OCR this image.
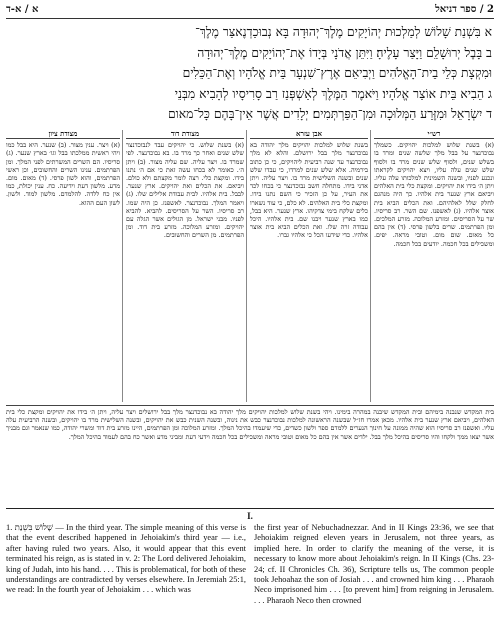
א / א-ד	2 / ספר דניאל
א בִּשְׁנַת שָׁלוֹשׁ לְמַלְכוּת יְהוֹיָקִים מֶלֶךְ־יְהוּדָה בָּא נְבוּכַדְנֶאצַּר מֶלֶךְ־
ב בָּבֶל יְרוּשָׁלִַם וַיָּצַר עָלֶיהָ׃ וַיִּתֵּן אֲדֹנָי בְּיָדוֹ אֶת־יְהוֹיָקִים מֶלֶךְ־יְהוּדָה
וּמִקְצָת כְּלֵי בֵית־הָאֱלֹהִים וַיְבִיאֵם אֶרֶץ־שִׁנְעָר בֵּית אֱלֹהָיו וְאֶת־הַכֵּלִים
ג הֵבִיא בֵּית אוֹצַר אֱלֹהָיו׃ וַיֹּאמֶר הַמֶּלֶךְ לְאַשְׁפְּנַז רַב סָרִיסָיו לְהָבִיא מִבְּנֵי
ד יִשְׂרָאֵל וּמִזֶּרַע הַמְּלוּכָה וּמִן־הַפַּרְתְּמִים׃ יְלָדִים אֲשֶׁר אֵין־בָּהֶם כָּל־מאום
רש״י

(א) בשנת שלוש למלכות יהויקים. כשמלך נבוכדנצר על בבל מלך שלשה שנים ומרד בו בשלש שנים, ולסוף שלש שנים מרד בו ולסוף שלש שנים עלה עליו, ויצא יהויקים לקראתו ונכנע לפניו, ובשנה השמינית למלכותו עלה עליו. ויתן ה׳ בידו את יהויקים. ומקצת כלי בית האלהים ויביאם ארץ שנער בית אלהיו. כך היה מנהגם לחלק שלל לאלהיהם. ואת הכלים הביא בית אוצר אלהיו. (ג) לאשפנז. שם השר. רב סריסיו. שר על הסריסים. ומזרע המלוכה. מזרע המלכים. ומן הפרתמים. שרים בלשון פרסי. (ד) אין בהם כל מאום. שום מום. וטובי מראה. יפים. ומשכילים בכל חכמה. יודעים בכל חכמה.

אבן עזרא

בשנת שלוש למלכות יהויקים מלך יהודה בא נבוכדנצר מלך בבל ירושלם. והלא לא מלך נבוכדנצר עד שנה רביעית ליהויקים, כי כן כתוב בירמיה. אלא שלש שנים למרדו, כי עבדו שלש שנים ובשנה השלישית מרד בו. ויצר עליה. ויתן אדני בידו. מתחלה חשב נבוכדנצר כי בכחו לכד את העיר, על כן הזכיר כי השם נתנו בידו. ומקצת כלי בית האלהים. לא כלם, כי עוד נשארו כלים שלקח בימי צדקיהו. ארץ שנער. היא בבל, כמו בארץ שנער ויבנו שם. בית אלהיו. היכל עבודה זרה שלו. ואת הכלים הביא בית אוצר אלהיו. כדי שידעו הכל כי אלהיו גברו.

מצודת דוד

(א) בשנת שלוש. כי יהויקים עבד לנבוכדנצר שלש שנים ואחר כך מרד בו. בא נבוכדנצר. לפי שמרד בו. ויצר עליה. שם עליה מצור. (ב) ויתן ה׳. כאומר לא בכחו עשה זאת כי אם ה׳ נתנו בידו. ומקצת כלי. רצה לומר מקצתם ולא כולם. ויביאם. את הכלים ואת יהויקים. ארץ שנער. לבבל. בית אלהיו. לבית עבודת אלילים שלו. (ג) ויאמר המלך. נבוכדנצר. לאשפנז. כן היה שמו. רב סריסיו. השר על הסריסים. להביא. להביא לפניו. מבני ישראל. מן הגולים אשר הגלה עם יהויקים. ומזרע המלוכה. מזרע בית דוד. ומן הפרתמים. מן השרים והחשובים.

מצודת ציון

(א) ויצר. ענין מצור. (ב) שנער. היא בבל כמו ויהי ראשית ממלכתו בבל וגו׳ בארץ שנער. (ג) סריסיו. הם השרים המשרתים לפני המלך. ומן הפרתמים. ענינו השרים והחשובים, וכן ראשי הפרתמים, והוא לשון פרסי. (ד) מאום. מום. מדע. מלשון דעת וידיעה. כח. ענין יכולת, כמו אין כח ללדה. להלמדם. מלשון למוד. ולשון. לשון העם ההוא.

בית המקדש שנבנה בימיהם ובית המקדש שיבנה במהרה בימינו. ויהי בשנת שלוש למלכות יהויקים מלך יהודה בא נבוכדנצר מלך בבל ירושלים ויצר עליה, ויתן ה׳ בידו את יהויקים ומקצת כלי בית האלהים, ויביאם ארץ שנער בית אלהיו. מכאן אמרו חז״ל שבשנה הראשונה למלכות נבוכדנצר כבש את נינוה, ובשנה השנית כבש את יהויקים, ובשנה השלישית מרד בו יהויקים, ובשנה הרביעית עלה עליו. ואשפנז רב סריסיו הוא שהיה ממונה על חינוך הנערים ללמדם ספר ולשון כשדים, כדי שיעמדו בהיכל המלך. ומזרע המלוכה ומן הפרתמים, היינו מזרע בית דוד ומשרי יהודה, כמו שנאמר וגם מבניך אשר יצאו ממך ולקחו והיו סריסים בהיכל מלך בבל. ילדים אשר אין בהם כל מאום וטובי מראה ומשכילים בכל חכמה וידעי דעת ומביני מדע ואשר כח בהם לעמוד בהיכל המלך.
I.
1. שָׁלוֹשׁ בִּשְׁנַת — In the third year. The simple meaning of this verse is that the event described happened in Jehoiakim's third year — i.e., after having ruled two years. Also, it would appear that this event terminated his reign, as is stated in v. 2: The Lord delivered Jehoiakim, king of Judah, into his hand. . . . This is problematical, for both of these understandings are contradicted by verses elsewhere. In Jeremiah 25:1, we read: In the fourth year of Jehoiakim . . . which was
the first year of Nebuchadnezzar. And in II Kings 23:36, we see that Jehoiakim reigned eleven years in Jerusalem, not three years, as implied here. In order to clarify the meaning of the verse, it is necessary to know more about Jehoiakim's reign. In II Kings (Chs. 23-24; cf. II Chronicles Ch. 36), Scripture tells us, The common people took Jehoahaz the son of Josiah . . . and crowned him king . . . Pharaoh Neco imprisoned him . . . [to prevent him] from reigning in Jerusalem. . . . Pharaoh Neco then crowned
